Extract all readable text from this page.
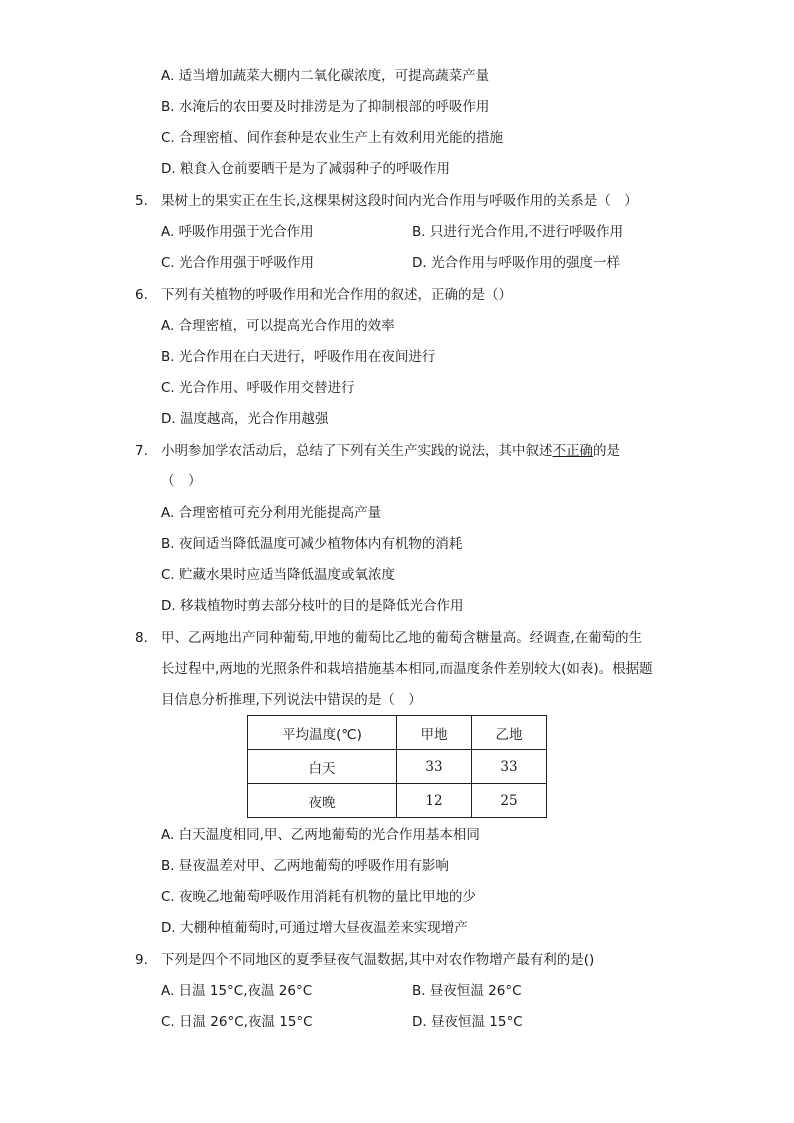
A. 适当增加蔬菜大棚内二氧化碳浓度，可提高蔬菜产量
B. 水淹后的农田要及时排涝是为了抑制根部的呼吸作用
C. 合理密植、间作套种是农业生产上有效利用光能的措施
D. 粮食入仓前要晒干是为了减弱种子的呼吸作用
5. 果树上的果实正在生长,这棵果树这段时间内光合作用与呼吸作用的关系是（　）
A. 呼吸作用强于光合作用	B. 只进行光合作用,不进行呼吸作用
C. 光合作用强于呼吸作用	D. 光合作用与呼吸作用的强度一样
6. 下列有关植物的呼吸作用和光合作用的叙述，正确的是（）
A. 合理密植，可以提高光合作用的效率
B. 光合作用在白天进行，呼吸作用在夜间进行
C. 光合作用、呼吸作用交替进行
D. 温度越高，光合作用越强
7. 小明参加学农活动后，总结了下列有关生产实践的说法，其中叙述不正确的是
（　）
A. 合理密植可充分利用光能提高产量
B. 夜间适当降低温度可减少植物体内有机物的消耗
C. 贮藏水果时应适当降低温度或氧浓度
D. 移栽植物时剪去部分枝叶的目的是降低光合作用
8. 甲、乙两地出产同种葡萄,甲地的葡萄比乙地的葡萄含糖量高。经调查,在葡萄的生
长过程中,两地的光照条件和栽培措施基本相同,而温度条件差别较大(如表)。根据题
目信息分析推理,下列说法中错误的是（　）
平均温度(℃)	甲地	乙地
白天	33	33
夜晚	12	25
A. 白天温度相同,甲、乙两地葡萄的光合作用基本相同
B. 昼夜温差对甲、乙两地葡萄的呼吸作用有影响
C. 夜晚乙地葡萄呼吸作用消耗有机物的量比甲地的少
D. 大棚种植葡萄时,可通过增大昼夜温差来实现增产
9. 下列是四个不同地区的夏季昼夜气温数据,其中对农作物增产最有利的是()
A. 日温 15°C,夜温 26°C	B. 昼夜恒温 26°C
C. 日温 26°C,夜温 15°C	D. 昼夜恒温 15°C
